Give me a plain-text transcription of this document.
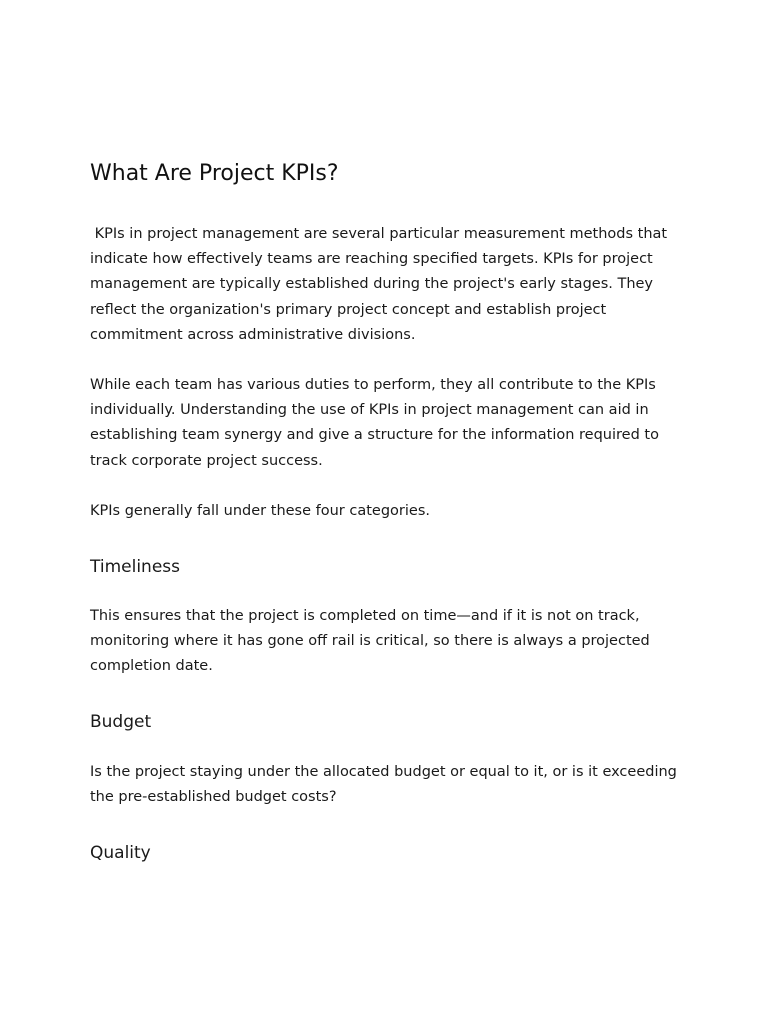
What Are Project KPIs?

KPIs in project management are several particular measurement methods that indicate how effectively teams are reaching specified targets. KPIs for project management are typically established during the project's early stages. They reflect the organization's primary project concept and establish project commitment across administrative divisions.

While each team has various duties to perform, they all contribute to the KPIs individually. Understanding the use of KPIs in project management can aid in establishing team synergy and give a structure for the information required to track corporate project success.

KPIs generally fall under these four categories.

Timeliness

This ensures that the project is completed on time—and if it is not on track, monitoring where it has gone off rail is critical, so there is always a projected completion date.

Budget

Is the project staying under the allocated budget or equal to it, or is it exceeding the pre-established budget costs?

Quality
